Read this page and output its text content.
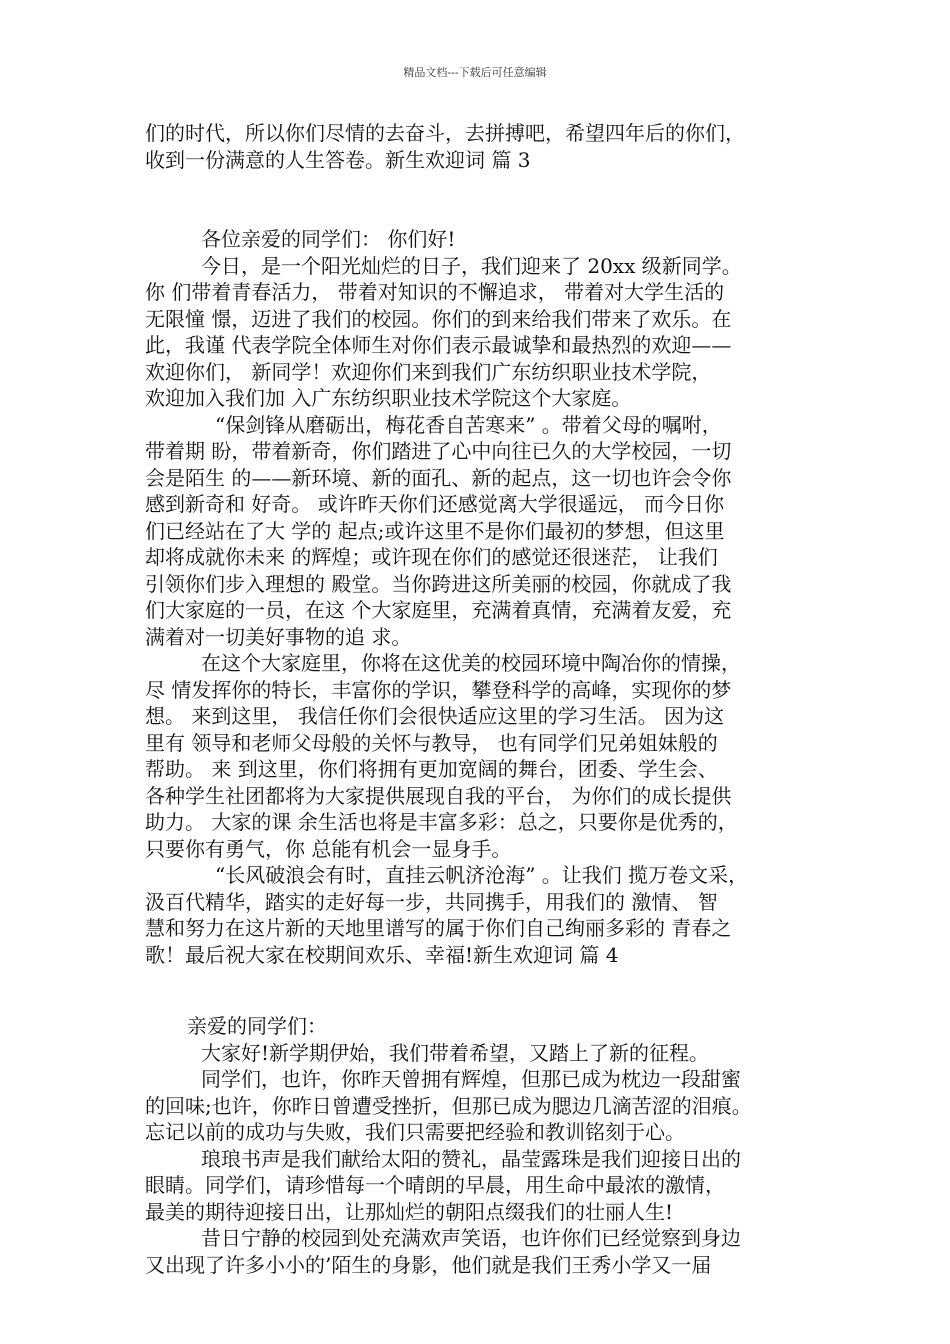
精品文档---下载后可任意编辑
们的时代，所以你们尽情的去奋斗，去拼搏吧，希望四年后的你们，
收到一份满意的人生答卷。新生欢迎词 篇 3
各位亲爱的同学们： 你们好!
今日，是一个阳光灿烂的日子，我们迎来了 20xx 级新同学。
你 们带着青春活力， 带着对知识的不懈追求， 带着对大学生活的
无限憧 憬，迈进了我们的校园。你们的到来给我们带来了欢乐。在
此，我谨 代表学院全体师生对你们表示最诚挚和最热烈的欢迎——
欢迎你们， 新同学！欢迎你们来到我们广东纺织职业技术学院，
欢迎加入我们加 入广东纺织职业技术学院这个大家庭。
“保剑锋从磨砺出，梅花香自苦寒来” 。带着父母的嘱咐，
带着期 盼，带着新奇，你们踏进了心中向往已久的大学校园，一切
会是陌生 的——新环境、新的面孔、新的起点，这一切也许会令你
感到新奇和 好奇。 或许昨天你们还感觉离大学很遥远， 而今日你
们已经站在了大 学的 起点;或许这里不是你们最初的梦想，但这里
却将成就你未来 的辉煌；或许现在你们的感觉还很迷茫， 让我们
引领你们步入理想的 殿堂。当你跨进这所美丽的校园，你就成了我
们大家庭的一员，在这 个大家庭里，充满着真情，充满着友爱，充
满着对一切美好事物的追 求。
在这个大家庭里，你将在这优美的校园环境中陶冶你的情操，
尽 情发挥你的特长，丰富你的学识，攀登科学的高峰，实现你的梦
想。 来到这里， 我信任你们会很快适应这里的学习生活。 因为这
里有 领导和老师父母般的关怀与教导， 也有同学们兄弟姐妹般的
帮助。 来 到这里，你们将拥有更加宽阔的舞台，团委、学生会、
各种学生社团都将为大家提供展现自我的平台， 为你们的成长提供
助力。 大家的课 余生活也将是丰富多彩：总之，只要你是优秀的，
只要你有勇气，你 总能有机会一显身手。
“长风破浪会有时，直挂云帆济沧海” 。让我们 揽万卷文采，
汲百代精华，踏实的走好每一步，共同携手，用我们的 激情、 智
慧和努力在这片新的天地里谱写的属于你们自己绚丽多彩的 青春之
歌！最后祝大家在校期间欢乐、幸福!新生欢迎词 篇 4
亲爱的同学们：
大家好!新学期伊始，我们带着希望，又踏上了新的征程。
同学们，也许，你昨天曾拥有辉煌，但那已成为枕边一段甜蜜
的回味;也许，你昨日曾遭受挫折，但那已成为腮边几滴苦涩的泪痕。
忘记以前的成功与失败，我们只需要把经验和教训铭刻于心。
琅琅书声是我们献给太阳的赞礼，晶莹露珠是我们迎接日出的
眼睛。同学们，请珍惜每一个晴朗的早晨，用生命中最浓的激情，
最美的期待迎接日出，让那灿烂的朝阳点缀我们的壮丽人生!
昔日宁静的校园到处充满欢声笑语，也许你们已经觉察到身边
又出现了许多小小的’陌生的身影，他们就是我们王秀小学又一届
